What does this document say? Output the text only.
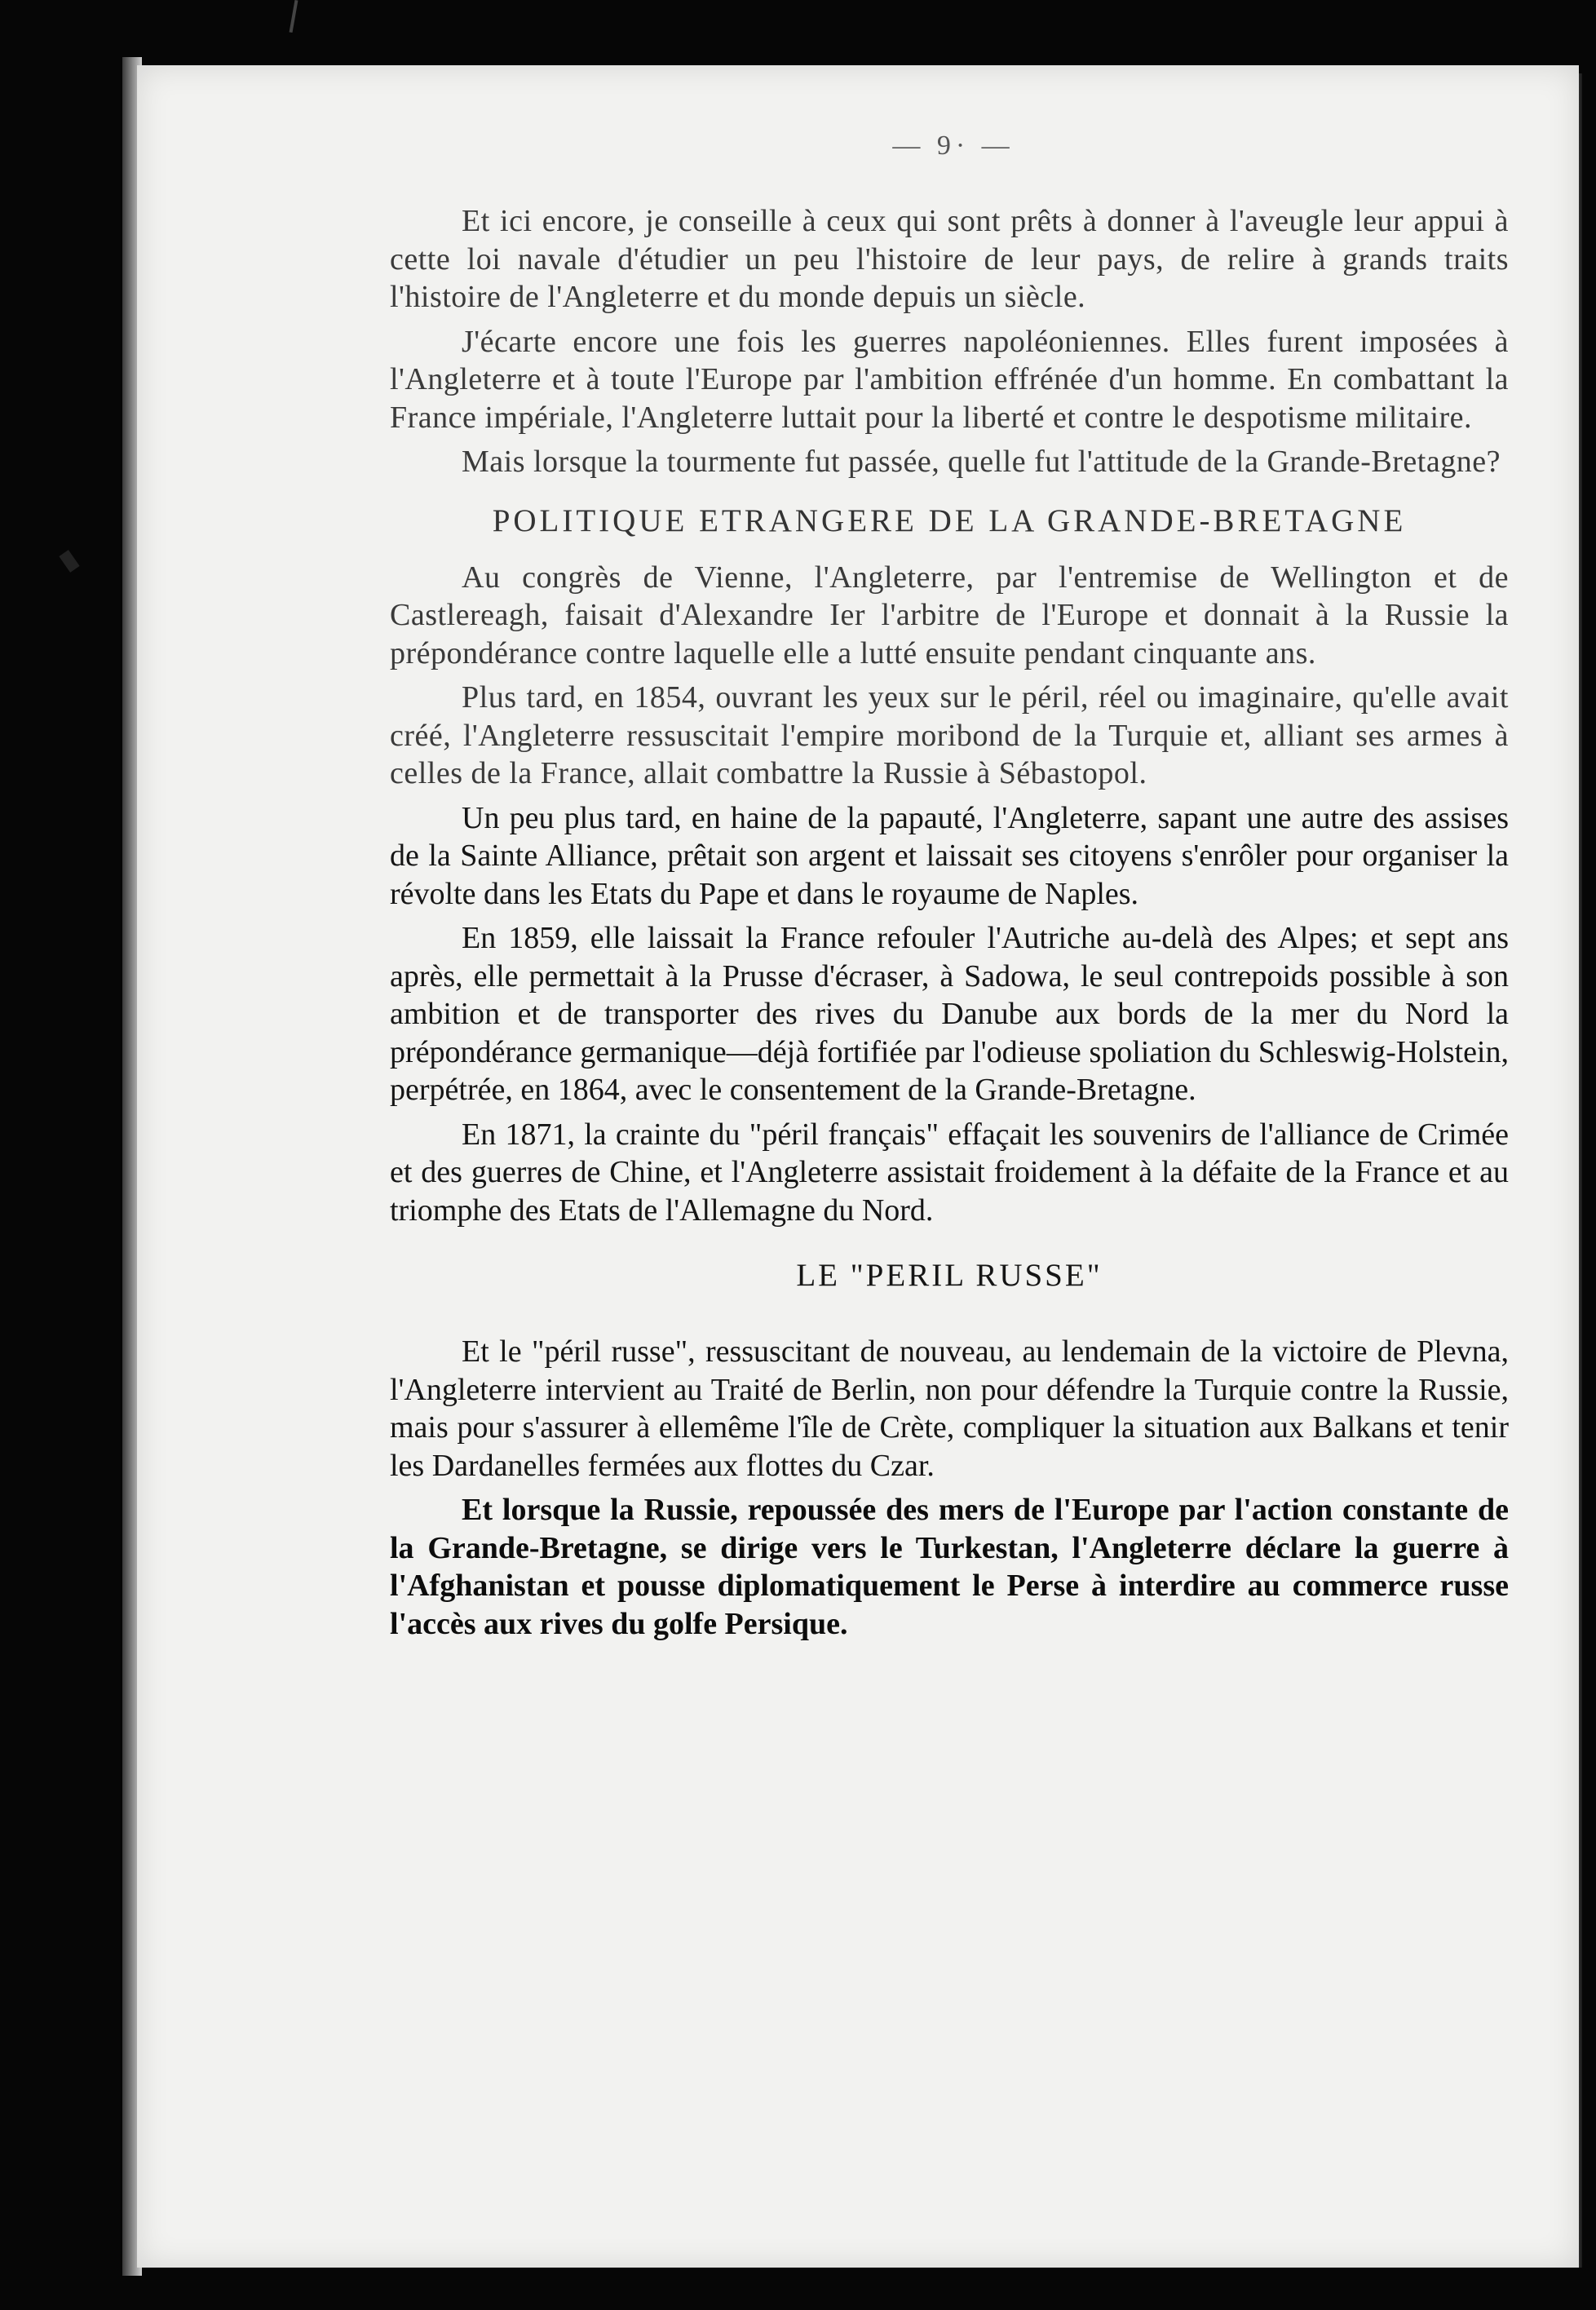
— 9· —

Et ici encore, je conseille à ceux qui sont prêts à donner à l'aveugle leur appui à cette loi navale d'étudier un peu l'histoire de leur pays, de relire à grands traits l'histoire de l'Angleterre et du monde depuis un siècle.

J'écarte encore une fois les guerres napoléoniennes. Elles furent imposées à l'Angleterre et à toute l'Europe par l'ambition effrénée d'un homme. En combattant la France impériale, l'Angleterre luttait pour la liberté et contre le despotisme militaire.

Mais lorsque la tourmente fut passée, quelle fut l'attitude de la Grande-Bretagne?

POLITIQUE ETRANGERE DE LA GRANDE-BRETAGNE

Au congrès de Vienne, l'Angleterre, par l'entremise de Wellington et de Castlereagh, faisait d'Alexandre Ier l'arbitre de l'Europe et donnait à la Russie la prépondérance contre laquelle elle a lutté ensuite pendant cinquante ans.

Plus tard, en 1854, ouvrant les yeux sur le péril, réel ou imaginaire, qu'elle avait créé, l'Angleterre ressuscitait l'empire moribond de la Turquie et, alliant ses armes à celles de la France, allait combattre la Russie à Sébastopol.

Un peu plus tard, en haine de la papauté, l'Angleterre, sapant une autre des assises de la Sainte Alliance, prêtait son argent et laissait ses citoyens s'enrôler pour organiser la révolte dans les Etats du Pape et dans le royaume de Naples.

En 1859, elle laissait la France refouler l'Autriche au-delà des Alpes; et sept ans après, elle permettait à la Prusse d'écraser, à Sadowa, le seul contrepoids possible à son ambition et de transporter des rives du Danube aux bords de la mer du Nord la prépondérance germanique—déjà fortifiée par l'odieuse spoliation du Schleswig-Holstein, perpétrée, en 1864, avec le consentement de la Grande-Bretagne.

En 1871, la crainte du "péril français" effaçait les souvenirs de l'alliance de Crimée et des guerres de Chine, et l'Angleterre assistait froidement à la défaite de la France et au triomphe des Etats de l'Allemagne du Nord.

LE "PERIL RUSSE"

Et le "péril russe", ressuscitant de nouveau, au lendemain de la victoire de Plevna, l'Angleterre intervient au Traité de Berlin, non pour défendre la Turquie contre la Russie, mais pour s'assurer à ellemême l'île de Crète, compliquer la situation aux Balkans et tenir les Dardanelles fermées aux flottes du Czar.

Et lorsque la Russie, repoussée des mers de l'Europe par l'action constante de la Grande-Bretagne, se dirige vers le Turkestan, l'Angleterre déclare la guerre à l'Afghanistan et pousse diplomatiquement le Perse à interdire au commerce russe l'accès aux rives du golfe Persique.
